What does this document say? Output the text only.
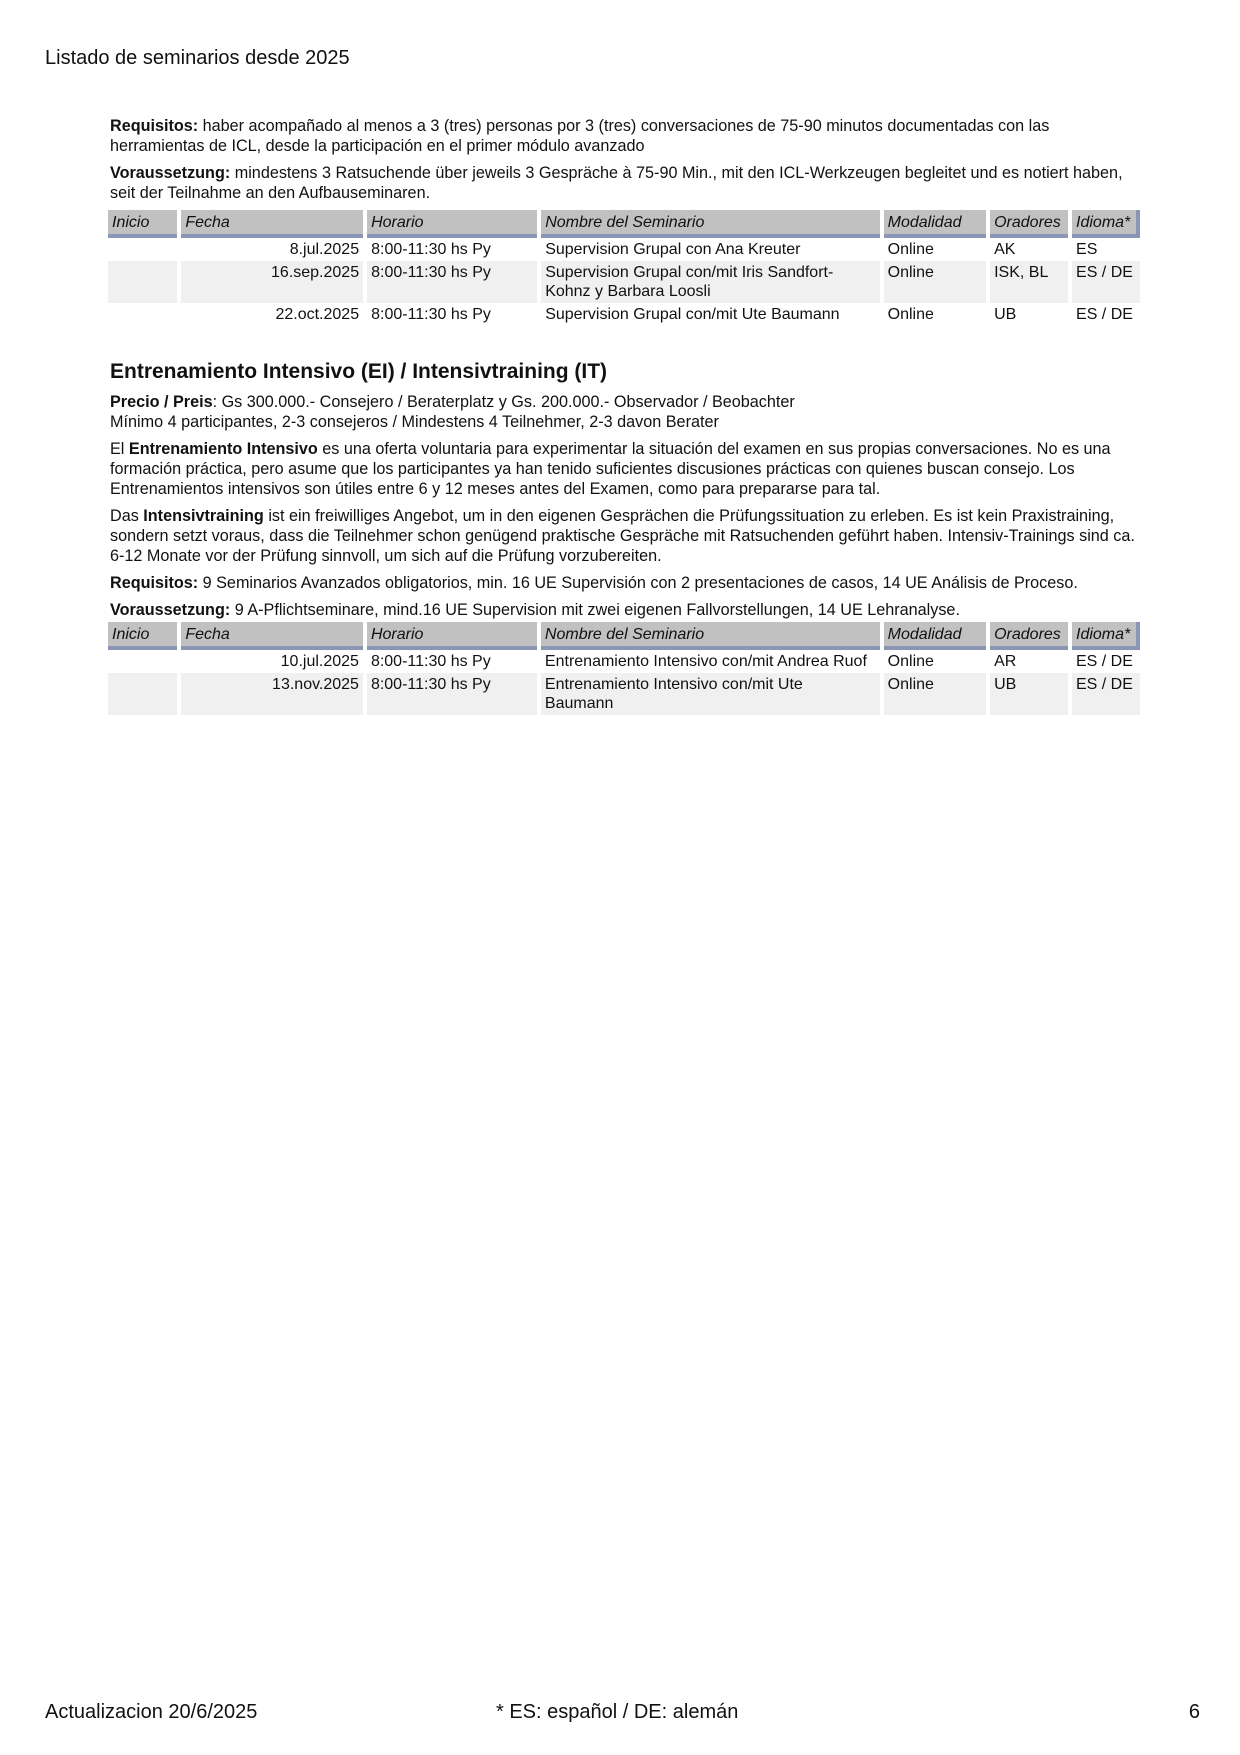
Listado de seminarios desde 2025

Requisitos: haber acompañado al menos a 3 (tres) personas por 3 (tres) conversaciones de 75-90 minutos documentadas con las herramientas de ICL, desde la participación en el primer módulo avanzado

Voraussetzung: mindestens 3 Ratsuchende über jeweils 3 Gespräche à 75-90 Min., mit den ICL-Werkzeugen begleitet und es notiert haben, seit der Teilnahme an den Aufbauseminaren.

Inicio	Fecha	Horario	Nombre del Seminario	Modalidad	Oradores	Idioma*
	8.jul.2025	8:00-11:30 hs Py	Supervision Grupal con Ana Kreuter	Online	AK	ES
	16.sep.2025	8:00-11:30 hs Py	Supervision Grupal con/mit Iris Sandfort-Kohnz y Barbara Loosli	Online	ISK, BL	ES / DE
	22.oct.2025	8:00-11:30 hs Py	Supervision Grupal con/mit Ute Baumann	Online	UB	ES / DE
Entrenamiento Intensivo (EI) / Intensivtraining (IT)

Precio / Preis: Gs 300.000.- Consejero / Beraterplatz y Gs. 200.000.- Observador / Beobachter
Mínimo 4 participantes, 2-3 consejeros / Mindestens 4 Teilnehmer, 2-3 davon Berater

El Entrenamiento Intensivo es una oferta voluntaria para experimentar la situación del examen en sus propias conversaciones. No es una formación práctica, pero asume que los participantes ya han tenido suficientes discusiones prácticas con quienes buscan consejo. Los Entrenamientos intensivos son útiles entre 6 y 12 meses antes del Examen, como para prepararse para tal.

Das Intensivtraining ist ein freiwilliges Angebot, um in den eigenen Gesprächen die Prüfungssituation zu erleben. Es ist kein Praxistraining, sondern setzt voraus, dass die Teilnehmer schon genügend praktische Gespräche mit Ratsuchenden geführt haben. Intensiv-Trainings sind ca. 6-12 Monate vor der Prüfung sinnvoll, um sich auf die Prüfung vorzubereiten.

Requisitos: 9 Seminarios Avanzados obligatorios, min. 16 UE Supervisión con 2 presentaciones de casos, 14 UE Análisis de Proceso.

Voraussetzung: 9 A-Pflichtseminare, mind.16 UE Supervision mit zwei eigenen Fallvorstellungen, 14 UE Lehranalyse.

Inicio	Fecha	Horario	Nombre del Seminario	Modalidad	Oradores	Idioma*
	10.jul.2025	8:00-11:30 hs Py	Entrenamiento Intensivo con/mit Andrea Ruof	Online	AR	ES / DE
	13.nov.2025	8:00-11:30 hs Py	Entrenamiento Intensivo con/mit Ute Baumann	Online	UB	ES / DE
Actualizacion 20/6/2025	* ES: español / DE: alemán	6
